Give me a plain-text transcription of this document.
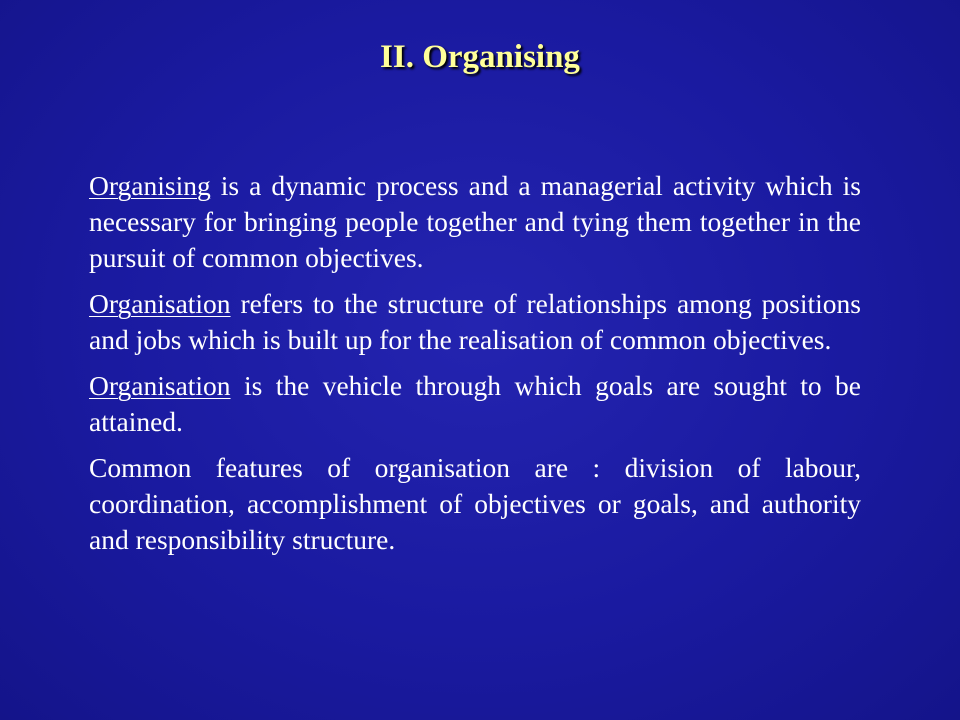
II. Organising

Organising is a dynamic process and a managerial activity which is necessary for bringing people together and tying them together in the pursuit of common objectives.

Organisation refers to the structure of relationships among positions and jobs which is built up for the realisation of common objectives.

Organisation is the vehicle through which goals are sought to be attained.

Common features of organisation are : division of labour, coordination, accomplishment of objectives or goals, and authority and responsibility structure.
